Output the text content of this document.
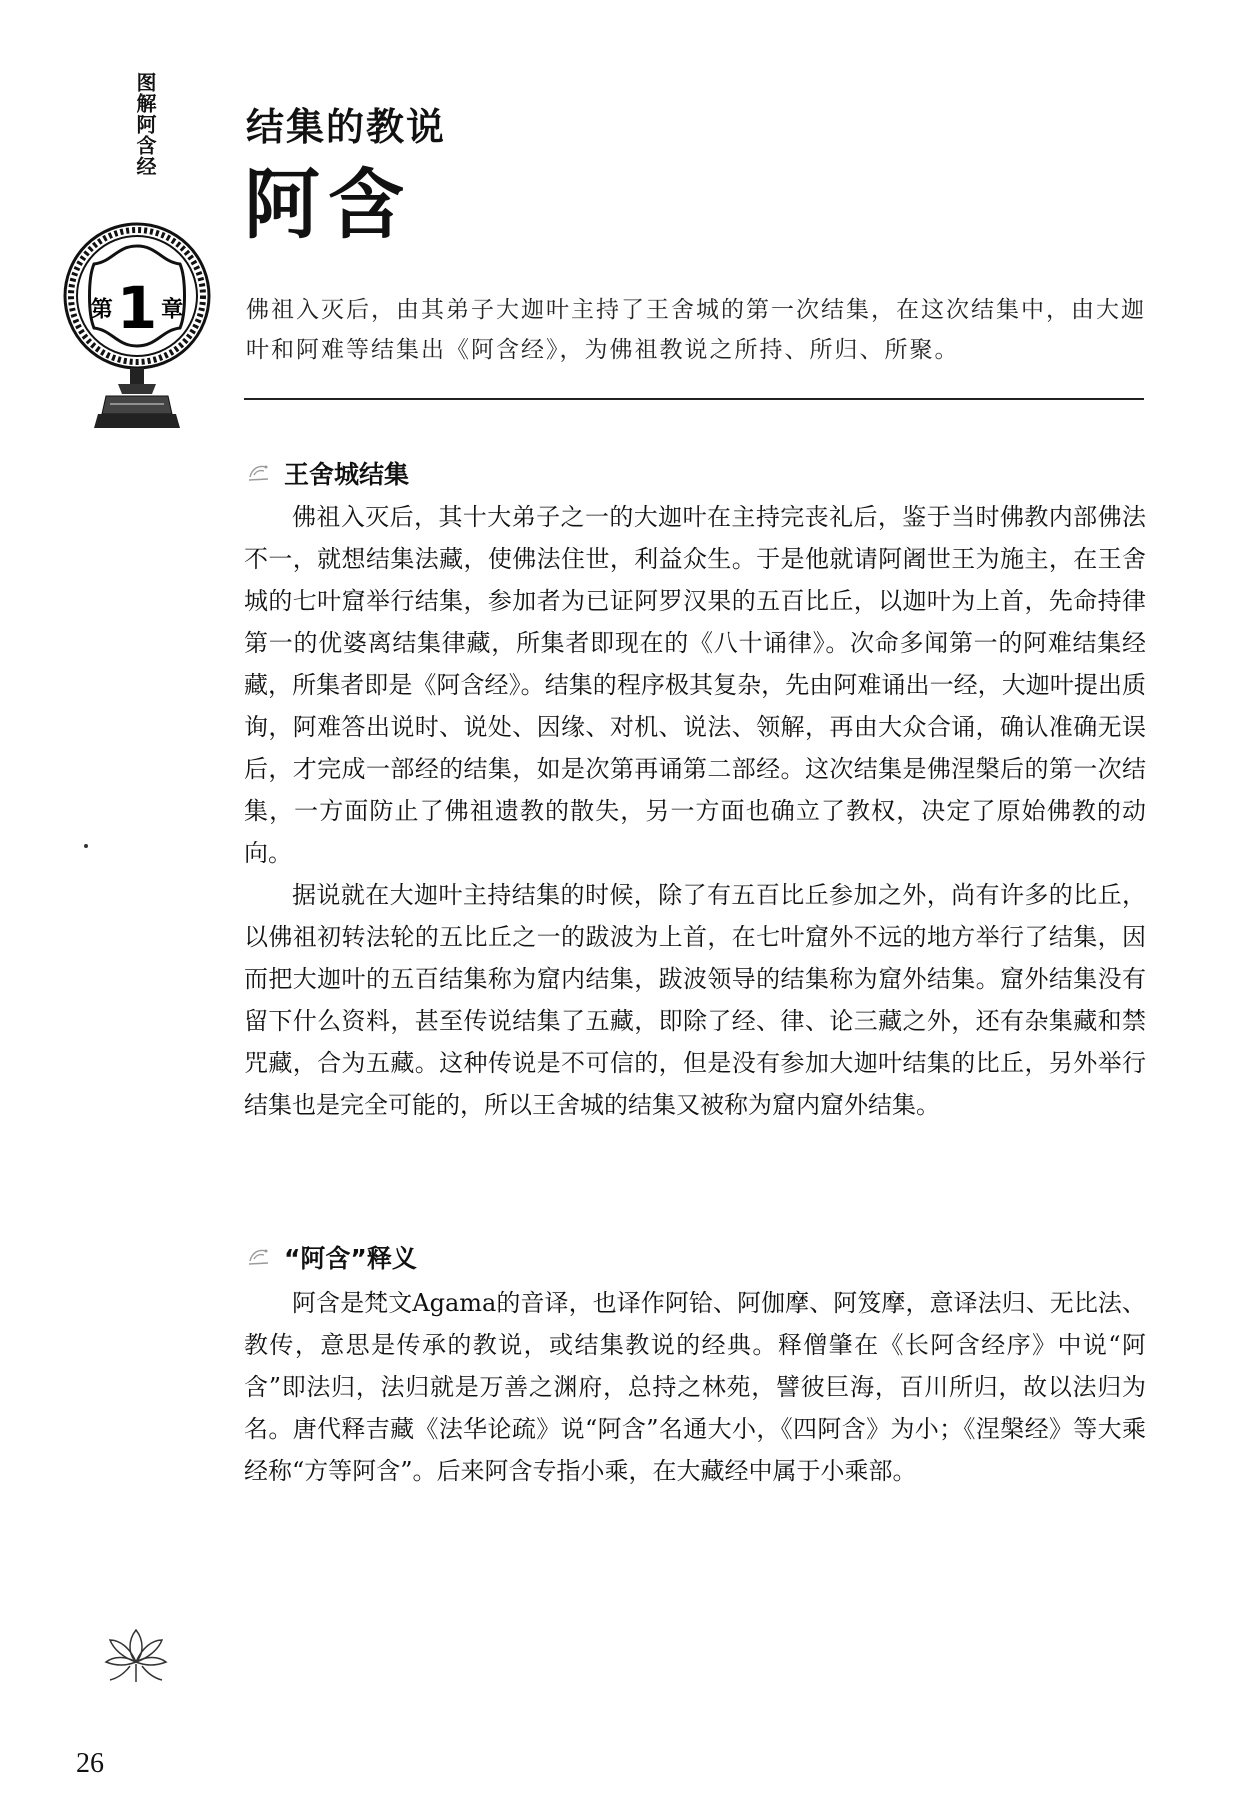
图解阿含经
第1 章
结集的教说
阿含
佛祖入灭后，由其弟子大迦叶主持了王舍城的第一次结集，在这次结集中，由大迦叶和阿难等结集出《阿含经》，为佛祖教说之所持、所归、所聚。
王舍城结集

佛祖入灭后，其十大弟子之一的大迦叶在主持完丧礼后，鉴于当时佛教内部佛法不一，就想结集法藏，使佛法住世，利益众生。于是他就请阿阇世王为施主，在王舍城的七叶窟举行结集，参加者为已证阿罗汉果的五百比丘，以迦叶为上首，先命持律第一的优婆离结集律藏，所集者即现在的《八十诵律》。次命多闻第一的阿难结集经藏，所集者即是《阿含经》。结集的程序极其复杂，先由阿难诵出一经，大迦叶提出质询，阿难答出说时、说处、因缘、对机、说法、领解，再由大众合诵，确认准确无误后，才完成一部经的结集，如是次第再诵第二部经。这次结集是佛涅槃后的第一次结集，一方面防止了佛祖遗教的散失，另一方面也确立了教权，决定了原始佛教的动向。

据说就在大迦叶主持结集的时候，除了有五百比丘参加之外，尚有许多的比丘，以佛祖初转法轮的五比丘之一的跋波为上首，在七叶窟外不远的地方举行了结集，因而把大迦叶的五百结集称为窟内结集，跋波领导的结集称为窟外结集。窟外结集没有留下什么资料，甚至传说结集了五藏，即除了经、律、论三藏之外，还有杂集藏和禁咒藏，合为五藏。这种传说是不可信的，但是没有参加大迦叶结集的比丘，另外举行结集也是完全可能的，所以王舍城的结集又被称为窟内窟外结集。

“阿含”释义

阿含是梵文Agama的音译，也译作阿铪、阿伽摩、阿笈摩，意译法归、无比法、教传，意思是传承的教说，或结集教说的经典。释僧肇在《长阿含经序》中说“阿含”即法归，法归就是万善之渊府，总持之林苑，譬彼巨海，百川所归，故以法归为名。唐代释吉藏《法华论疏》说“阿含”名通大小，《四阿含》为小；《涅槃经》等大乘经称“方等阿含”。后来阿含专指小乘，在大藏经中属于小乘部。

26
